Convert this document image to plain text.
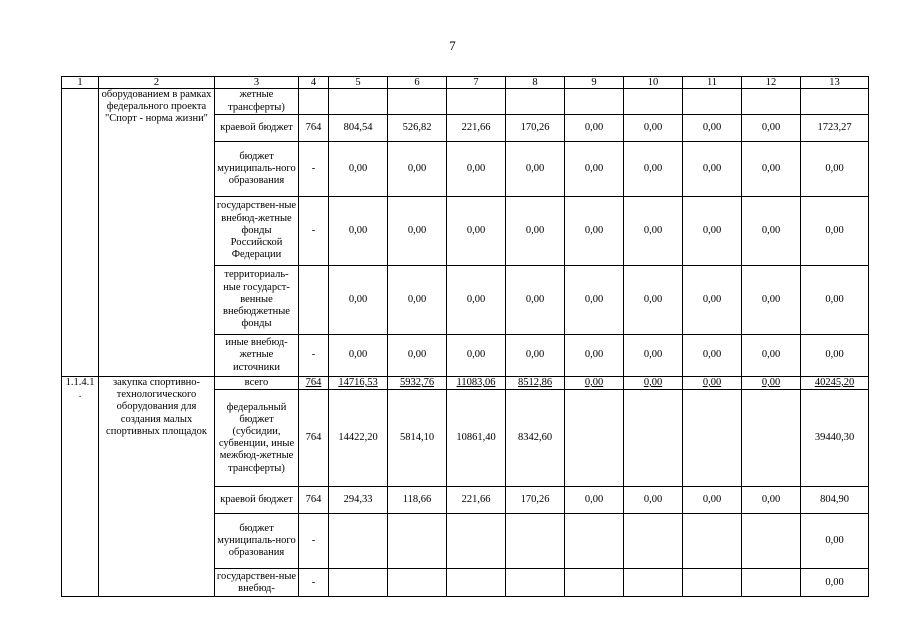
7
1	2	3	4	5	6	7	8	9	10	11	12	13
	оборудованием в рамках федерального проекта "Спорт - норма жизни"	жетные трансферты)										
		краевой бюджет	764	804,54	526,82	221,66	170,26	0,00	0,00	0,00	0,00	1723,27
		бюджет муниципаль-ного образования	-	0,00	0,00	0,00	0,00	0,00	0,00	0,00	0,00	0,00
		государствен-ные внебюд-жетные фонды Российской Федерации	-	0,00	0,00	0,00	0,00	0,00	0,00	0,00	0,00	0,00
		территориаль-ные государст-венные внебюджетные фонды		0,00	0,00	0,00	0,00	0,00	0,00	0,00	0,00	0,00
		иные внебюд-жетные источники	-	0,00	0,00	0,00	0,00	0,00	0,00	0,00	0,00	0,00
1.1.4.1 .	закупка спортивно-технологического оборудования для создания малых спортивных площадок	всего	764	14716,53	5932,76	11083,06	8512,86	0,00	0,00	0,00	0,00	40245,20
		федеральный бюджет (субсидии, субвенции, иные межбюд-жетные трансферты)	764	14422,20	5814,10	10861,40	8342,60					39440,30
		краевой бюджет	764	294,33	118,66	221,66	170,26	0,00	0,00	0,00	0,00	804,90
		бюджет муниципаль-ного образования	-									0,00
		государствен-ные внебюд-	-									0,00
